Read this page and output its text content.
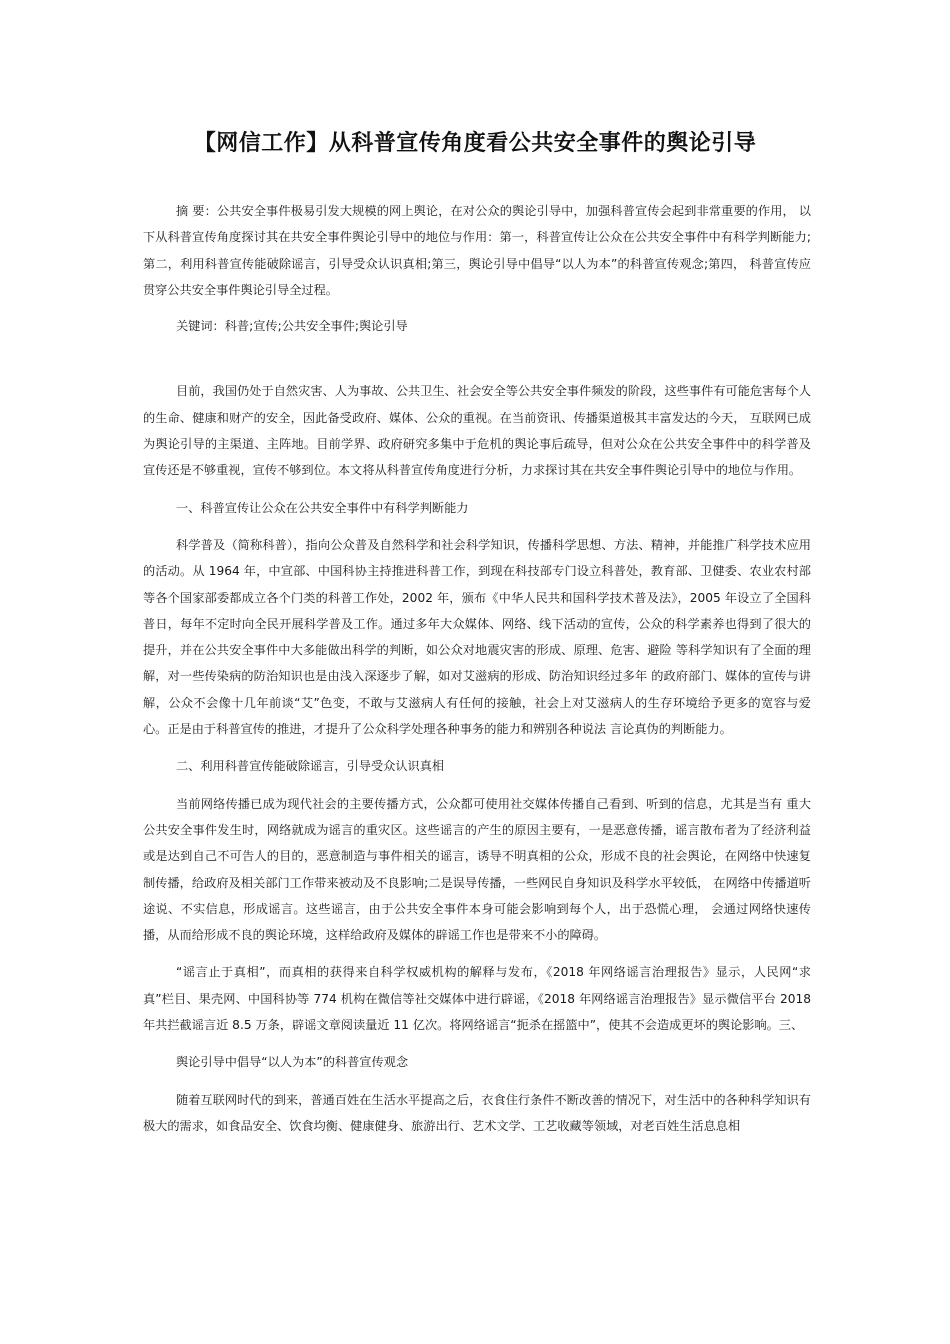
【网信工作】从科普宣传角度看公共安全事件的舆论引导

摘 要：公共安全事件极易引发大规模的网上舆论，在对公众的舆论引导中，加强科普宣传会起到非常重要的作用， 以下从科普宣传角度探讨其在共安全事件舆论引导中的地位与作用：第一，科普宣传让公众在公共安全事件中有科学判断能力;第二，利用科普宣传能破除谣言，引导受众认识真相;第三，舆论引导中倡导“以人为本”的科普宣传观念;第四， 科普宣传应贯穿公共安全事件舆论引导全过程。

关键词：科普;宣传;公共安全事件;舆论引导

目前，我国仍处于自然灾害、人为事故、公共卫生、社会安全等公共安全事件频发的阶段，这些事件有可能危害每个人的生命、健康和财产的安全，因此备受政府、媒体、公众的重视。在当前资讯、传播渠道极其丰富发达的今天， 互联网已成为舆论引导的主渠道、主阵地。目前学界、政府研究多集中于危机的舆论事后疏导，但对公众在公共安全事件中的科学普及宣传还是不够重视，宣传不够到位。本文将从科普宣传角度进行分析，力求探讨其在共安全事件舆论引导中的地位与作用。

一、科普宣传让公众在公共安全事件中有科学判断能力

科学普及（简称科普），指向公众普及自然科学和社会科学知识，传播科学思想、方法、精神，并能推广科学技术应用的活动。从 1964 年，中宣部、中国科协主持推进科普工作，到现在科技部专门设立科普处，教育部、卫健委、农业农村部等各个国家部委都成立各个门类的科普工作处，2002 年，颁布《中华人民共和国科学技术普及法》，2005 年设立了全国科普日，每年不定时向全民开展科学普及工作。通过多年大众媒体、网络、线下活动的宣传，公众的科学素养也得到了很大的提升，并在公共安全事件中大多能做出科学的判断，如公众对地震灾害的形成、原理、危害、避险 等科学知识有了全面的理解，对一些传染病的防治知识也是由浅入深逐步了解，如对艾滋病的形成、防治知识经过多年 的政府部门、媒体的宣传与讲解，公众不会像十几年前谈“艾”色变，不敢与艾滋病人有任何的接触，社会上对艾滋病人的生存环境给予更多的宽容与爱心。正是由于科普宣传的推进，才提升了公众科学处理各种事务的能力和辨别各种说法 言论真伪的判断能力。

二、利用科普宣传能破除谣言，引导受众认识真相

当前网络传播已成为现代社会的主要传播方式，公众都可使用社交媒体传播自己看到、听到的信息，尤其是当有 重大公共安全事件发生时，网络就成为谣言的重灾区。这些谣言的产生的原因主要有，一是恶意传播，谣言散布者为了经济利益或是达到自己不可告人的目的，恶意制造与事件相关的谣言，诱导不明真相的公众，形成不良的社会舆论，在网络中快速复制传播，给政府及相关部门工作带来被动及不良影响;二是误导传播，一些网民自身知识及科学水平较低， 在网络中传播道听途说、不实信息，形成谣言。这些谣言，由于公共安全事件本身可能会影响到每个人，出于恐慌心理， 会通过网络快速传播，从而给形成不良的舆论环境，这样给政府及媒体的辟谣工作也是带来不小的障碍。

“谣言止于真相”，而真相的获得来自科学权威机构的解释与发布，《2018 年网络谣言治理报告》显示，人民网“求真”栏目、果壳网、中国科协等 774 机构在微信等社交媒体中进行辟谣，《2018 年网络谣言治理报告》显示微信平台 2018 年共拦截谣言近 8.5 万条，辟谣文章阅读量近 11 亿次。将网络谣言“扼杀在摇篮中”，使其不会造成更坏的舆论影响。三、

舆论引导中倡导“以人为本”的科普宣传观念

随着互联网时代的到来，普通百姓在生活水平提高之后，衣食住行条件不断改善的情况下，对生活中的各种科学知识有极大的需求，如食品安全、饮食均衡、健康健身、旅游出行、艺术文学、工艺收藏等领域，对老百姓生活息息相
